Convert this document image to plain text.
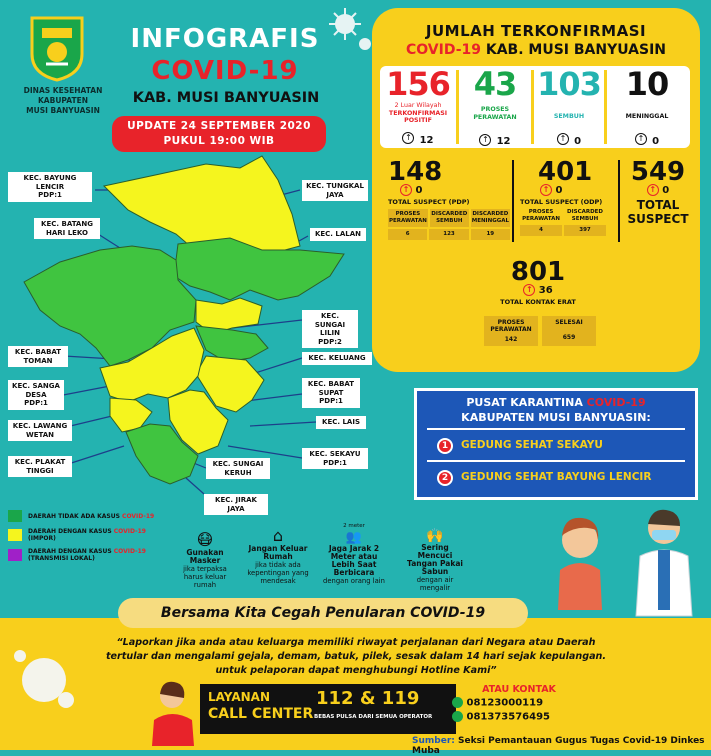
DINAS KESEHATAN
KABUPATEN
MUSI BANYUASIN
INFOGRAFIS
COVID-19
KAB. MUSI BANYUASIN
UPDATE 24 SEPTEMBER 2020
PUKUL 19:00 WIB
JUMLAH TERKONFIRMASI
COVID-19 KAB. MUSI BANYUASIN
156
2 Luar Wilayah
TERKONFIRMASI
POSITIF
↑ 12
43
PROSES
PERAWATAN
↑ 12
103
SEMBUH
↑ 0
10
MENINGGAL
↑ 0
148
↑ 0
TOTAL SUSPECT (PDP)
PROSES PERAWATAN
DISCARDED SEMBUH
DISCARDED MENINGGAL
6	123	19
401
↑ 0
TOTAL SUSPECT (ODP)
PROSES PERAWATAN
DISCARDED SEMBUH
4	397
549
↑ 0
TOTAL
SUSPECT
801
↑ 36
TOTAL KONTAK ERAT
PROSES PERAWATAN
142
SELESAI
659
KEC. BAYUNG
LENCIR
PDP:1
KEC. BATANG
HARI LEKO
KEC. TUNGKAL
JAYA
KEC. LALAN
KEC. SUNGAI
LILIN
PDP:2
KEC. KELUANG
KEC. BABAT
SUPAT
PDP:1
KEC. LAIS
KEC. SEKAYU
PDP:1
KEC. BABAT
TOMAN
KEC. SANGA
DESA
PDP:1
KEC. LAWANG
WETAN
KEC. PLAKAT
TINGGI
KEC. SUNGAI
KERUH
KEC. JIRAK
JAYA
DAERAH TIDAK ADA KASUS COVID-19
DAERAH DENGAN KASUS COVID-19
(IMPOR)
DAERAH DENGAN KASUS COVID-19
(TRANSMISI LOKAL)
😷
Gunakan Masker
jika terpaksa harus keluar rumah
⌂
Jangan Keluar Rumah
jika tidak ada kepentingan yang mendesak
2 meter
👥
Jaga Jarak 2 Meter atau Lebih Saat Berbicara
dengan orang lain
🙌
Sering Mencuci Tangan Pakai Sabun
dengan air mengalir
PUSAT KARANTINA COVID-19
KABUPATEN MUSI BANYUASIN:
1 GEDUNG SEHAT SEKAYU
2 GEDUNG SEHAT BAYUNG LENCIR
Bersama Kita Cegah Penularan COVID-19
“Laporkan jika anda atau keluarga memiliki riwayat perjalanan dari Negara atau Daerah
tertular dan mengalami gejala, demam, batuk, pilek, sesak dalam 14 hari sejak kepulangan.
untuk pelaporan dapat menghubungi Hotline Kami”
LAYANAN
CALL CENTER
112 & 119
BEBAS PULSA DARI SEMUA OPERATOR
ATAU KONTAK
08123000119
081373576495
Sumber: Seksi Pemantauan Gugus Tugas Covid-19 Dinkes Muba
